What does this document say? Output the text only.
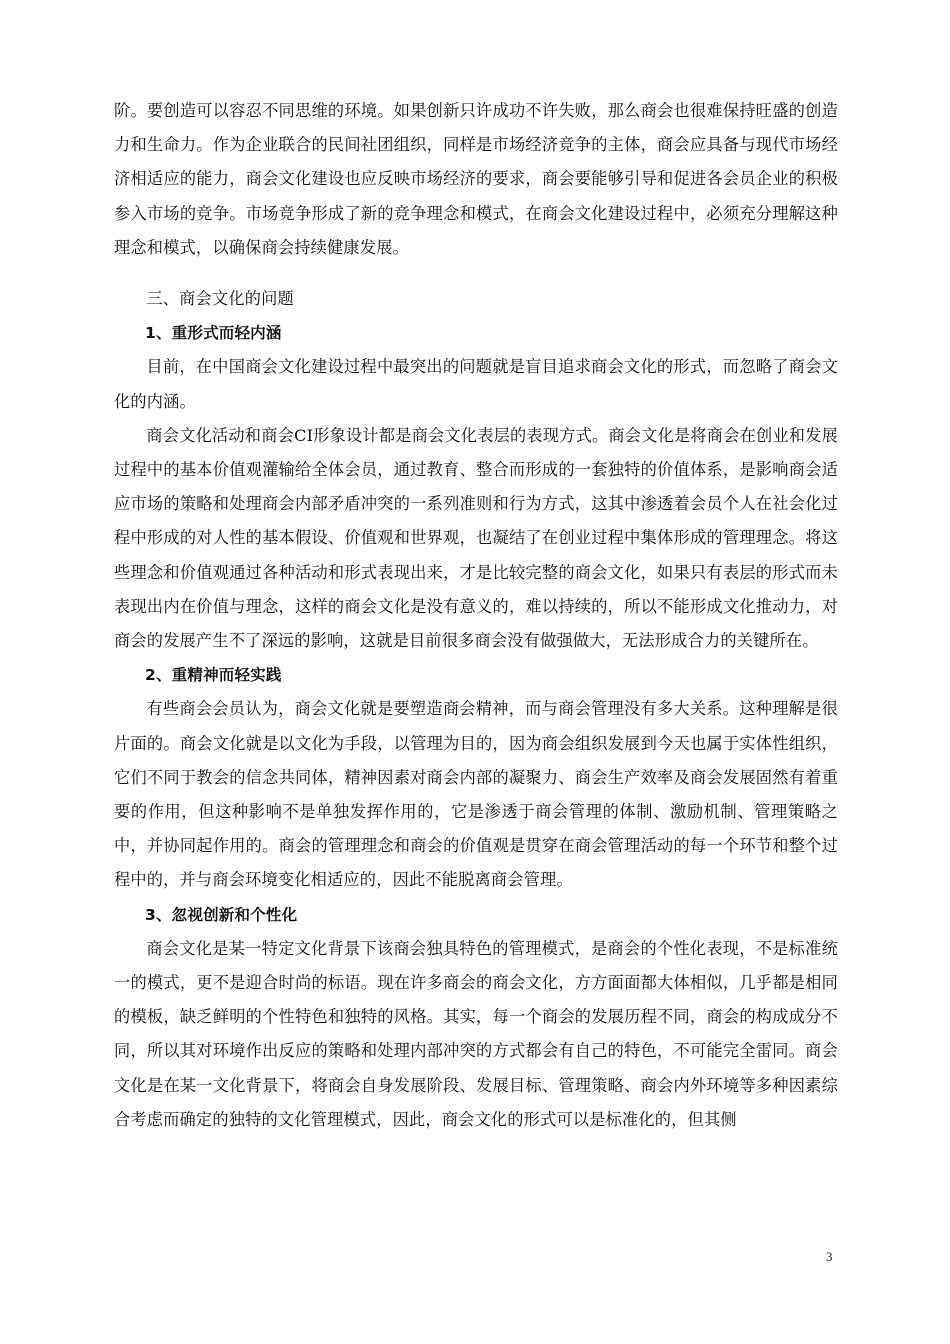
阶。要创造可以容忍不同思维的环境。如果创新只许成功不许失败，那么商会也很难保持旺盛的创造力和生命力。作为企业联合的民间社团组织，同样是市场经济竞争的主体，商会应具备与现代市场经济相适应的能力，商会文化建设也应反映市场经济的要求，商会要能够引导和促进各会员企业的积极参入市场的竞争。市场竞争形成了新的竞争理念和模式，在商会文化建设过程中，必须充分理解这种理念和模式，以确保商会持续健康发展。

三、商会文化的问题
1、重形式而轻内涵

目前，在中国商会文化建设过程中最突出的问题就是盲目追求商会文化的形式，而忽略了商会文化的内涵。

商会文化活动和商会CI形象设计都是商会文化表层的表现方式。商会文化是将商会在创业和发展过程中的基本价值观灌输给全体会员，通过教育、整合而形成的一套独特的价值体系，是影响商会适应市场的策略和处理商会内部矛盾冲突的一系列准则和行为方式，这其中渗透着会员个人在社会化过程中形成的对人性的基本假设、价值观和世界观，也凝结了在创业过程中集体形成的管理理念。将这些理念和价值观通过各种活动和形式表现出来，才是比较完整的商会文化，如果只有表层的形式而未表现出内在价值与理念，这样的商会文化是没有意义的，难以持续的，所以不能形成文化推动力，对商会的发展产生不了深远的影响，这就是目前很多商会没有做强做大，无法形成合力的关键所在。

2、重精神而轻实践

有些商会会员认为，商会文化就是要塑造商会精神，而与商会管理没有多大关系。这种理解是很片面的。商会文化就是以文化为手段，以管理为目的，因为商会组织发展到今天也属于实体性组织，它们不同于教会的信念共同体，精神因素对商会内部的凝聚力、商会生产效率及商会发展固然有着重要的作用，但这种影响不是单独发挥作用的，它是渗透于商会管理的体制、激励机制、管理策略之中，并协同起作用的。商会的管理理念和商会的价值观是贯穿在商会管理活动的每一个环节和整个过程中的，并与商会环境变化相适应的，因此不能脱离商会管理。

3、忽视创新和个性化

商会文化是某一特定文化背景下该商会独具特色的管理模式，是商会的个性化表现，不是标准统一的模式，更不是迎合时尚的标语。现在许多商会的商会文化，方方面面都大体相似，几乎都是相同的模板，缺乏鲜明的个性特色和独特的风格。其实，每一个商会的发展历程不同，商会的构成成分不同，所以其对环境作出反应的策略和处理内部冲突的方式都会有自己的特色，不可能完全雷同。商会文化是在某一文化背景下，将商会自身发展阶段、发展目标、管理策略、商会内外环境等多种因素综合考虑而确定的独特的文化管理模式，因此，商会文化的形式可以是标准化的，但其侧

3
